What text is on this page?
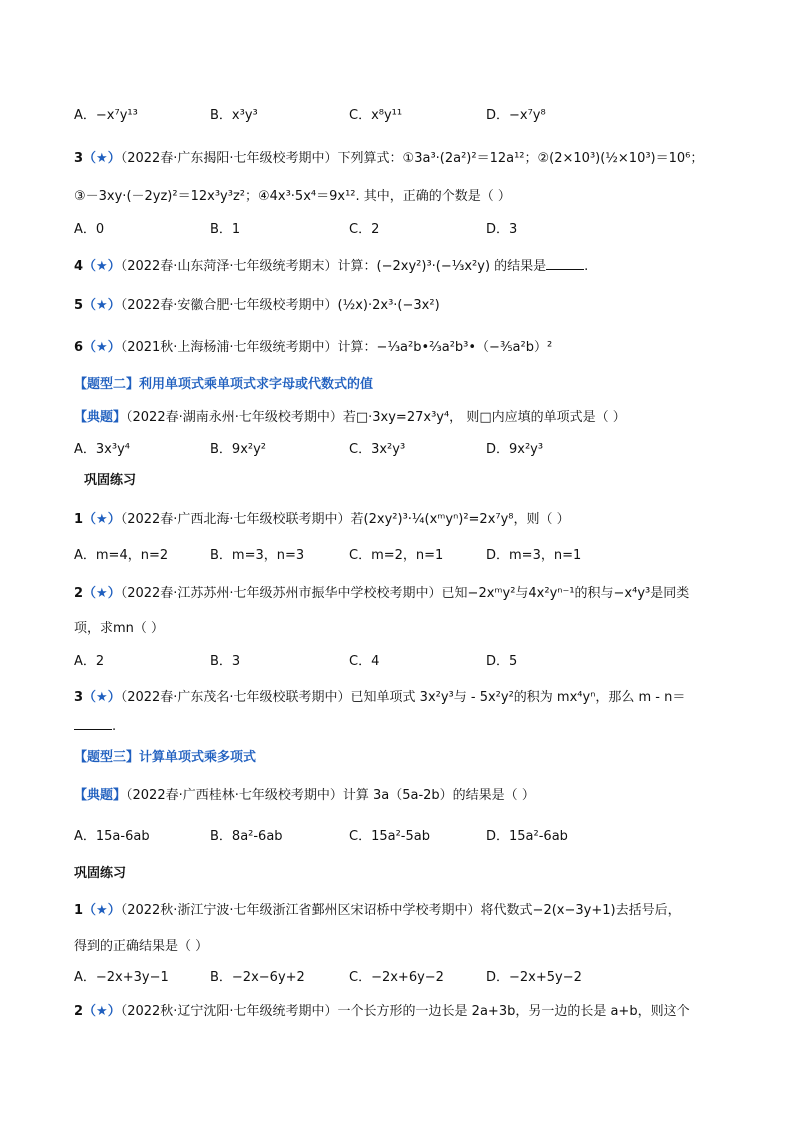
A．−x⁷y¹³	B．x³y³	C．x⁸y¹¹	D．−x⁷y⁸
3（★）（2022春·广东揭阳·七年级校考期中）下列算式：①3a³·(2a²)²＝12a¹²；②(2×10³)(½×10³)＝10⁶；
③－3xy·(－2yz)²＝12x³y³z²；④4x³·5x⁴＝9x¹². 其中，正确的个数是（ ）
A．0	B．1	C．2	D．3
4（★）（2022春·山东菏泽·七年级统考期末）计算：(−2xy²)³·(−⅓x²y) 的结果是	.
5（★）（2022春·安徽合肥·七年级校考期中）(½x)·2x³·(−3x²)
6（★）（2021秋·上海杨浦·七年级统考期中）计算：−⅓a²b•⅔a²b³•（−⅗a²b）²
【题型二】利用单项式乘单项式求字母或代数式的值
【典题】（2022春·湖南永州·七年级校考期中）若□·3xy=27x³y⁴， 则□内应填的单项式是（ ）
A．3x³y⁴	B．9x²y²	C．3x²y³	D．9x²y³
巩固练习
1（★）（2022春·广西北海·七年级校联考期中）若(2xy²)³·¼(xᵐyⁿ)²=2x⁷y⁸，则（ ）
A．m=4，n=2	B．m=3，n=3	C．m=2，n=1	D．m=3，n=1
2（★）（2022春·江苏苏州·七年级苏州市振华中学校校考期中）已知−2xᵐy²与4x²yⁿ⁻¹的积与−x⁴y³是同类
项，求mn（ ）
A．2	B．3	C．4	D．5
3（★）（2022春·广东茂名·七年级校联考期中）已知单项式 3x²y³与 - 5x²y²的积为 mx⁴yⁿ，那么 m - n＝
.
【题型三】计算单项式乘多项式
【典题】（2022春·广西桂林·七年级校考期中）计算 3a（5a-2b）的结果是（ ）
A．15a-6ab	B．8a²-6ab	C．15a²-5ab	D．15a²-6ab
巩固练习
1（★）（2022秋·浙江宁波·七年级浙江省鄞州区宋诏桥中学校考期中）将代数式−2(x−3y+1)去括号后，
得到的正确结果是（ ）
A．−2x+3y−1	B．−2x−6y+2	C．−2x+6y−2	D．−2x+5y−2
2（★）（2022秋·辽宁沈阳·七年级统考期中）一个长方形的一边长是 2a+3b，另一边的长是 a+b，则这个
